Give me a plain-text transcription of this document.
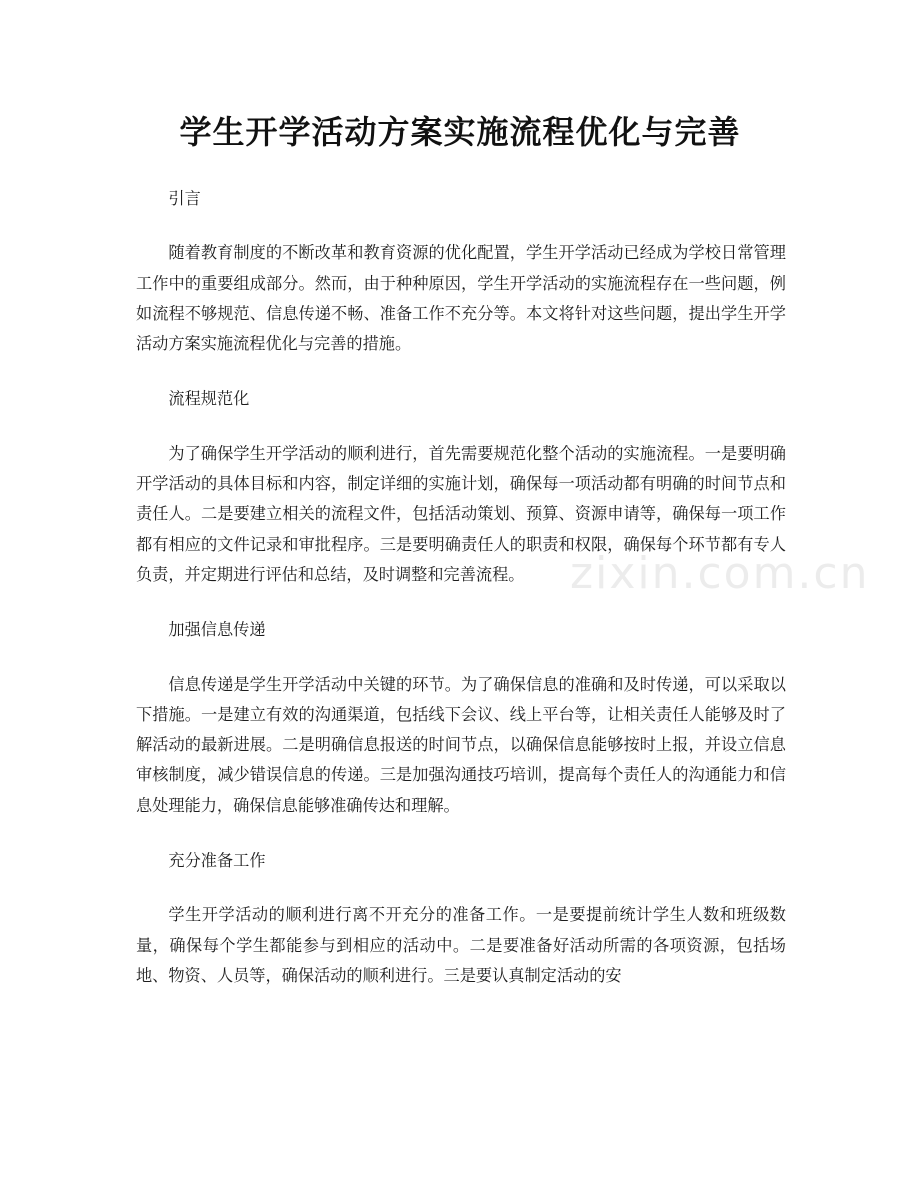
学生开学活动方案实施流程优化与完善

引言

随着教育制度的不断改革和教育资源的优化配置，学生开学活动已经成为学校日常管理工作中的重要组成部分。然而，由于种种原因，学生开学活动的实施流程存在一些问题，例如流程不够规范、信息传递不畅、准备工作不充分等。本文将针对这些问题，提出学生开学活动方案实施流程优化与完善的措施。

流程规范化

为了确保学生开学活动的顺利进行，首先需要规范化整个活动的实施流程。一是要明确开学活动的具体目标和内容，制定详细的实施计划，确保每一项活动都有明确的时间节点和责任人。二是要建立相关的流程文件，包括活动策划、预算、资源申请等，确保每一项工作都有相应的文件记录和审批程序。三是要明确责任人的职责和权限，确保每个环节都有专人负责，并定期进行评估和总结，及时调整和完善流程。

加强信息传递

信息传递是学生开学活动中关键的环节。为了确保信息的准确和及时传递，可以采取以下措施。一是建立有效的沟通渠道，包括线下会议、线上平台等，让相关责任人能够及时了解活动的最新进展。二是明确信息报送的时间节点，以确保信息能够按时上报，并设立信息审核制度，减少错误信息的传递。三是加强沟通技巧培训，提高每个责任人的沟通能力和信息处理能力，确保信息能够准确传达和理解。

充分准备工作

学生开学活动的顺利进行离不开充分的准备工作。一是要提前统计学生人数和班级数量，确保每个学生都能参与到相应的活动中。二是要准备好活动所需的各项资源，包括场地、物资、人员等，确保活动的顺利进行。三是要认真制定活动的安

zixin.com.cn
